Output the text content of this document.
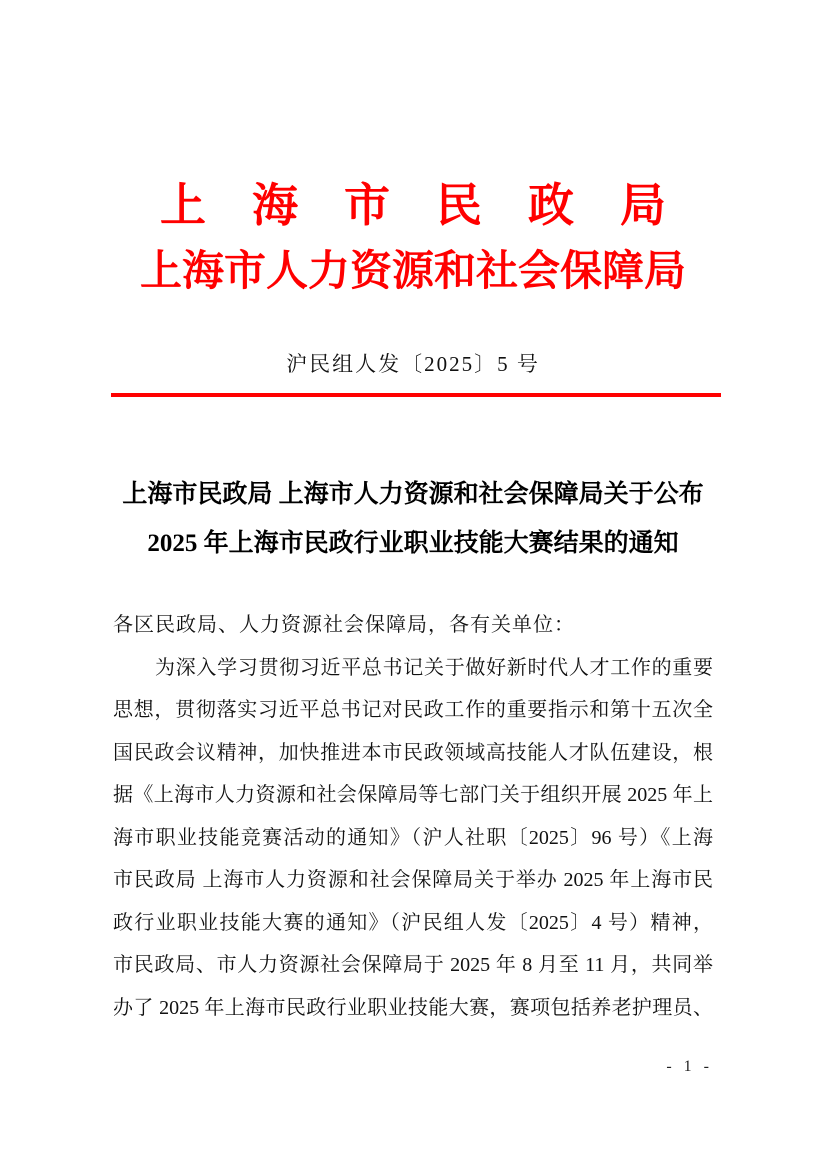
上海市民政局
上海市人力资源和社会保障局
沪民组人发〔2025〕5 号
上海市民政局 上海市人力资源和社会保障局关于公布
2025 年上海市民政行业职业技能大赛结果的通知
各区民政局、人力资源社会保障局，各有关单位：
为深入学习贯彻习近平总书记关于做好新时代人才工作的重要
思想，贯彻落实习近平总书记对民政工作的重要指示和第十五次全
国民政会议精神，加快推进本市民政领域高技能人才队伍建设，根
据《上海市人力资源和社会保障局等七部门关于组织开展 2025 年上
海市职业技能竞赛活动的通知》（沪人社职〔2025〕96 号）《上海
市民政局 上海市人力资源和社会保障局关于举办 2025 年上海市民
政行业职业技能大赛的通知》（沪民组人发〔2025〕4 号）精神，
市民政局、市人力资源社会保障局于 2025 年 8 月至 11 月，共同举
办了 2025 年上海市民政行业职业技能大赛，赛项包括养老护理员、
- 1 -
